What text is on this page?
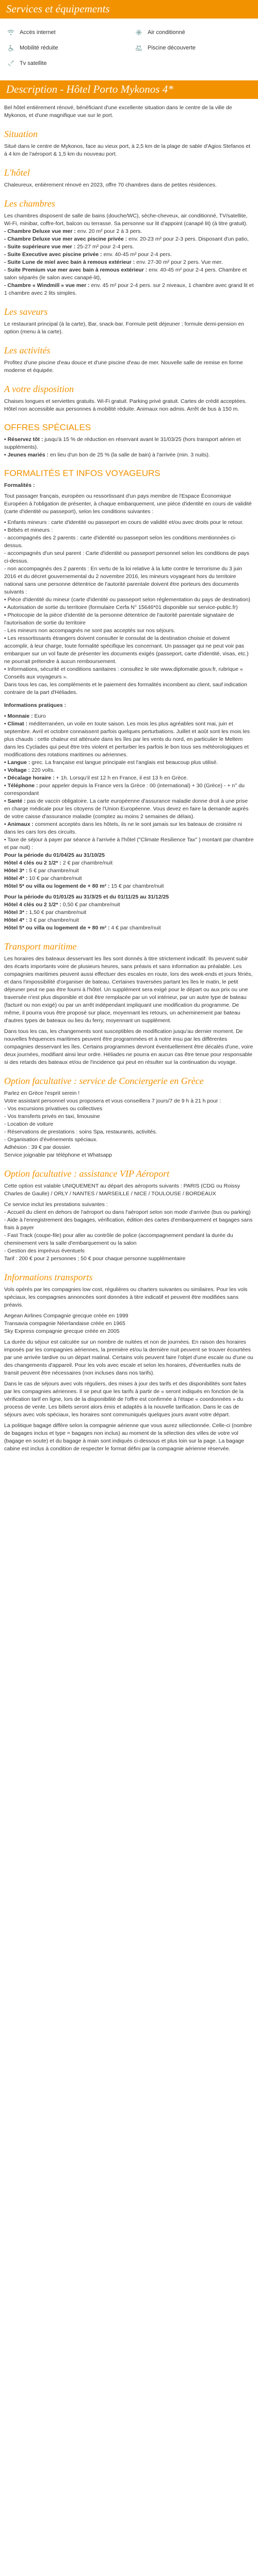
Services et équipements
Accès internet	Air conditionné
Mobilité réduite	Piscine découverte
Tv satellite
Description - Hôtel Porto Mykonos 4*

Bel hôtel entièrement rénové, bénéficiant d'une excellente situation dans le centre de la ville de Mykonos, et d'une magnifique vue sur le port.

Situation

Situé dans le centre de Mykonos, face au vieux port, à 2,5 km de la plage de sable d'Agios Stefanos et à 4 km de l'aéroport & 1,5 km du nouveau port.

L'hôtel

Chaleureux, entièrement rénové en 2023, offre 70 chambres dans de petites résidences.

Les chambres

Les chambres disposent de salle de bains (douche/WC), sèche-cheveux, air conditionné, TV/satellite, Wi-Fi, minibar, coffre-fort, balcon ou terrasse. Sa personne sur lit d'appoint (canapé lit) (à titre gratuit).

- Chambre Deluxe vue mer : env. 20 m² pour 2 à 3 pers.

- Chambre Deluxe vue mer avec piscine privée : env. 20-23 m² pour 2-3 pers. Disposant d'un patio,

- Suite supérieure vue mer : 25-27 m² pour 2-4 pers.

- Suite Executive avec piscine privée : env. 40-45 m² pour 2-4 pers.

- Suite Lune de miel avec bain à remous extérieur : env. 27-30 m² pour 2 pers. Vue mer.

- Suite Premium vue mer avec bain à remous extérieur : env. 40-45 m² pour 2-4 pers. Chambre et salon séparés (le salon avec canapé-lit),

- Chambre « Windmill » vue mer : env. 45 m² pour 2-4 pers. sur 2 niveaux, 1 chambre avec grand lit et 1 chambre avec 2 lits simples.

Les saveurs

Le restaurant principal (à la carte), Bar, snack-bar. Formule petit déjeuner ; formule demi-pension en option (menu à la carte).

Les activités

Profitez d'une piscine d'eau douce et d'une piscine d'eau de mer. Nouvelle salle de remise en forme moderne et équipée.

A votre disposition

Chaises longues et serviettes gratuits. Wi-Fi gratuit. Parking privé gratuit. Cartes de crédit acceptées. Hôtel non accessible aux personnes à mobilité réduite. Animaux non admis. Arrêt de bus à 150 m.

OFFRES SPÉCIALES

• Réservez tôt : jusqu'à 15 % de réduction en réservant avant le 31/03/25 (hors transport aérien et suppléments).

• Jeunes mariés : en lieu d'un bon de 25 % (la salle de bain) à l'arrivée (min. 3 nuits).

FORMALITÉS ET INFOS VOYAGEURS

Formalités :

Tout passager français, européen ou ressortissant d'un pays membre de l'Espace Économique Européen à l'obligation de présenter, à chaque embarquement, une pièce d'identité en cours de validité (carte d'identité ou passeport), selon les conditions suivantes :

• Enfants mineurs : carte d'identité ou passeport en cours de validité et/ou avec droits pour le retour.

• Bébés et mineurs :

- accompagnés des 2 parents : carte d'identité ou passeport selon les conditions mentionnées ci-dessus.

- accompagnés d'un seul parent : Carte d'identité ou passeport personnel selon les conditions de pays ci-dessus.

- non accompagnés des 2 parents : En vertu de la loi relative à la lutte contre le terrorisme du 3 juin 2016 et du décret gouvernemental du 2 novembre 2016, les mineurs voyageant hors du territoire national sans une personne détentrice de l'autorité parentale doivent être porteurs des documents suivants :

• Pièce d'identité du mineur (carte d'identité ou passeport selon réglementation du pays de destination)

• Autorisation de sortie du territoire (formulaire Cerfa N° 15646*01 disponible sur service-public.fr)

• Photocopie de la pièce d'identité de la personne détentrice de l'autorité parentale signataire de l'autorisation de sortie du territoire

- Les mineurs non accompagnés ne sont pas acceptés sur nos séjours.

• Les ressortissants étrangers doivent consulter le consulat de la destination choisie et doivent accomplir, à leur charge, toute formalité spécifique les concernant. Un passager qui ne peut voir pas embarquer sur un vol faute de présenter les documents exigés (passeport, carte d'identité, visas, etc.) ne pourrait prétendre à aucun remboursement.

• Informations, sécurité et conditions sanitaires : consultez le site www.diplomatie.gouv.fr, rubrique « Conseils aux voyageurs ».

Dans tous les cas, les compléments et le paiement des formalités incombent au client, sauf indication contraire de la part d'Héliades.

Informations pratiques :

• Monnaie : Euro

• Climat : méditerranéen, un voile en toute saison. Les mois les plus agréables sont mai, juin et septembre. Avril et octobre connaissent parfois quelques perturbations. Juillet et août sont les mois les plus chauds : cette chaleur est atténuée dans les îles par les vents du nord, en particulier le Meltem dans les Cyclades qui peut être très violent et perturber les parfois le bon tous ses météorologiques et modifications des rotations maritimes ou aériennes.

• Langue : grec. La française est langue principale est l'anglais est beaucoup plus utilisé.

• Voltage : 220 volts.

• Décalage horaire : + 1h. Lorsqu'il est 12 h en France, il est 13 h en Grèce.

• Téléphone : pour appeler depuis la France vers la Grèce : 00 (international) + 30 (Grèce) - + n° du correspondant

• Santé : pas de vaccin obligatoire. La carte européenne d'assurance maladie donne droit à une prise en charge médicale pour les citoyens de l'Union Européenne. Vous devez en faire la demande auprès de votre caisse d'assurance maladie (comptez au moins 2 semaines de délais).

• Animaux : comment acceptés dans les hôtels, ils ne le sont jamais sur les bateaux de croisière ni dans les cars lors des circuits.

• Taxe de séjour à payer par séance à l'arrivée à l'hôtel ("Climate Resilience Tax" ) montant par chambre et par nuit) :

Pour la période du 01/04/25 au 31/10/25

Hôtel 4 clés ou 2 1/2* : 2 € par chambre/nuit

Hôtel 3* : 5 € par chambre/nuit

Hôtel 4* : 10 € par chambre/nuit

Hôtel 5* ou villa ou logement de + 80 m² : 15 € par chambre/nuit

Pour la période du 01/01/25 au 31/3/25 et du 01/11/25 au 31/12/25

Hôtel 4 clés ou 2 1/2* : 0,50 € par chambre/nuit

Hôtel 3* : 1,50 € par chambre/nuit

Hôtel 4* : 3 € par chambre/nuit

Hôtel 5* ou villa ou logement de + 80 m² : 4 € par chambre/nuit

Transport maritime

Les horaires des bateaux desservant les îles sont donnés à titre strictement indicatif. Ils peuvent subir des écarts importants voire de plusieurs heures, sans préavis et sans information au préalable. Les compagnies maritimes peuvent aussi effectuer des escales en route, lors des week-ends et jours fériés, et dans l'impossibilité d'organiser de bateau. Certaines traversées partant les îles le matin, le petit déjeuner peut ne pas être fourni à l'hôtel. Un supplément sera exigé pour le départ ou aux prix ou une traversée n'est plus disponible et doit être remplacée par un vol intérieur, par un autre type de bateau (facturé ou non exigé) ou par un arrêt indépendant impliquant une modification du programme. De même, il pourra vous être proposé sur place, moyennant les retours, un acheminement par bateau d'autres types de bateaux ou lieu du ferry, moyennant un supplément.

Dans tous les cas, les changements sont susceptibles de modification jusqu'au dernier moment. De nouvelles fréquences maritimes peuvent être programmées et à notre insu par les différentes compagnies desservant les îles. Certains programmes devront éventuellement être décalés d'une, voire deux journées, modifiant ainsi leur ordre. Héliades ne pourra en aucun cas être tenue pour responsable si des retards des bateaux et/ou de l'incidence qui peut en résulter sur la continuation du voyage.

Option facultative : service de Conciergerie en Grèce

Parlez en Grèce l'esprit serein !

Votre assistant personnel vous proposera et vous conseillera 7 jours/7 de 9 h à 21 h pour :

- Vos excursions privatives ou collectives

- Vos transferts privés en taxi, limousine

- Location de voiture

- Réservations de prestations : soins Spa, restaurants, activités.

- Organisation d'événements spéciaux.

Adhésion : 39 € par dossier.

Service joignable par téléphone et Whatsapp

Option facultative : assistance VIP Aéroport

Cette option est valable UNIQUEMENT au départ des aéroports suivants : PARIS (CDG ou Roissy Charles de Gaulle) / ORLY / NANTES / MARSEILLE / NICE / TOULOUSE / BORDEAUX

Ce service inclut les prestations suivantes :

- Accueil du client en dehors de l'aéroport ou dans l'aéroport selon son mode d'arrivée (bus ou parking)

- Aide à l'enregistrement des bagages, vérification, édition des cartes d'embarquement et bagages sans frais à payer

- Fast Track (coupe-file) pour aller au contrôle de police (accompagnement pendant la durée du cheminement vers la salle d'embarquement ou la salon

- Gestion des imprévus éventuels

Tarif : 200 € pour 2 personnes ; 50 € pour chaque personne supplémentaire

Informations transports

Vols opérés par les compagnies low cost, régulières ou charters suivantes ou similaires. Pour les vols spéciaux, les compagnies annoncées sont données à titre indicatif et peuvent être modifiées sans préavis.

Aegean Airlines Compagnie grecque créée en 1999

Transavia compagnie Néerlandaise créée en 1965

Sky Express compagnie grecque créée en 2005

La durée du séjour est calculée sur un nombre de nuitées et non de journées. En raison des horaires imposés par les compagnies aériennes, la première et/ou la dernière nuit peuvent se trouver écourtées par une arrivée tardive ou un départ matinal. Certains vols peuvent faire l'objet d'une escale ou d'une ou des changements d'appareil. Pour les vols avec escale et selon les horaires, d'éventuelles nuits de transit peuvent être nécessaires (non incluses dans nos tarifs).

Dans le cas de séjours avec vols réguliers, des mises à jour des tarifs et des disponibilités sont faites par les compagnies aériennes. Il se peut que les tarifs à partir de « seront indiqués en fonction de la vérification tarif en ligne, lors de la disponibilité de l'offre est confirmée à l'étape « coordonnées » du process de vente. Les billets seront alors émis et adaptés à la nouvelle tarification. Dans le cas de séjours avec vols spéciaux, les horaires sont communiqués quelques jours avant votre départ.

La politique bagage diffère selon la compagnie aérienne que vous aurez sélectionnée. Celle-ci (nombre de bagages inclus et type = bagages non inclus) au moment de la sélection des villes de votre vol (bagage en soute) et du bagage à main sont indiqués ci-dessous et plus loin sur la page. La bagage cabine est inclus à condition de respecter le format défini par la compagnie aérienne réservée.
